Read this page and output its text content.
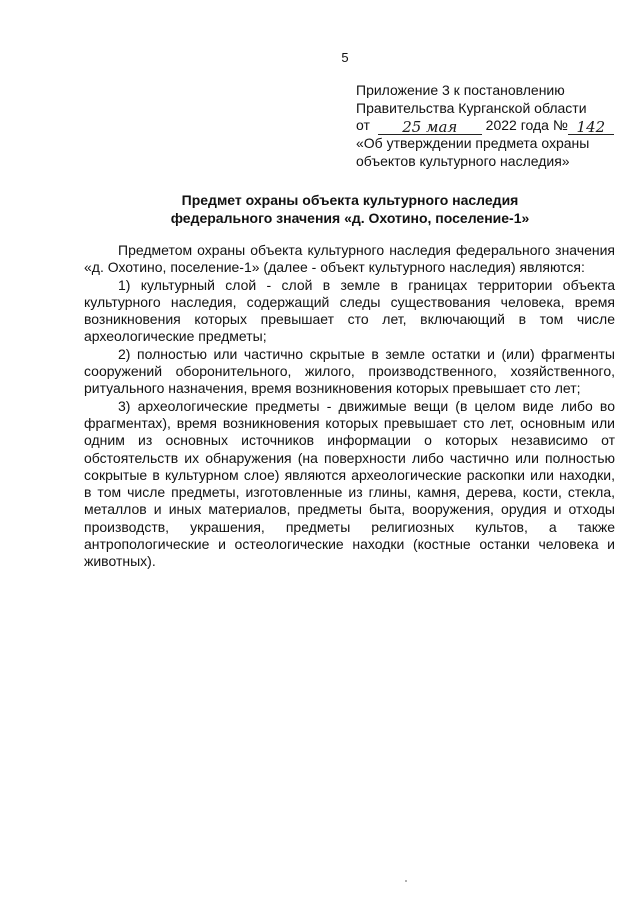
5
Приложение 3 к постановлению
Правительства Курганской области
от 25 мая 2022 года № 142
«Об утверждении предмета охраны
объектов культурного наследия»
Предмет охраны объекта культурного наследия
федерального значения «д. Охотино, поселение-1»

Предметом охраны объекта культурного наследия федерального значения «д. Охотино, поселение-1» (далее - объект культурного наследия) являются:

1) культурный слой - слой в земле в границах территории объекта культурного наследия, содержащий следы существования человека, время возникновения которых превышает сто лет, включающий в том числе археологические предметы;

2) полностью или частично скрытые в земле остатки и (или) фрагменты сооружений оборонительного, жилого, производственного, хозяйственного, ритуального назначения, время возникновения которых превышает сто лет;

3) археологические предметы - движимые вещи (в целом виде либо во фрагментах), время возникновения которых превышает сто лет, основным или одним из основных источников информации о которых независимо от обстоятельств их обнаружения (на поверхности либо частично или полностью сокрытые в культурном слое) являются археологические раскопки или находки, в том числе предметы, изготовленные из глины, камня, дерева, кости, стекла, металлов и иных материалов, предметы быта, вооружения, орудия и отходы производств, украшения, предметы религиозных культов, а также антропологические и остеологические находки (костные останки человека и животных).
